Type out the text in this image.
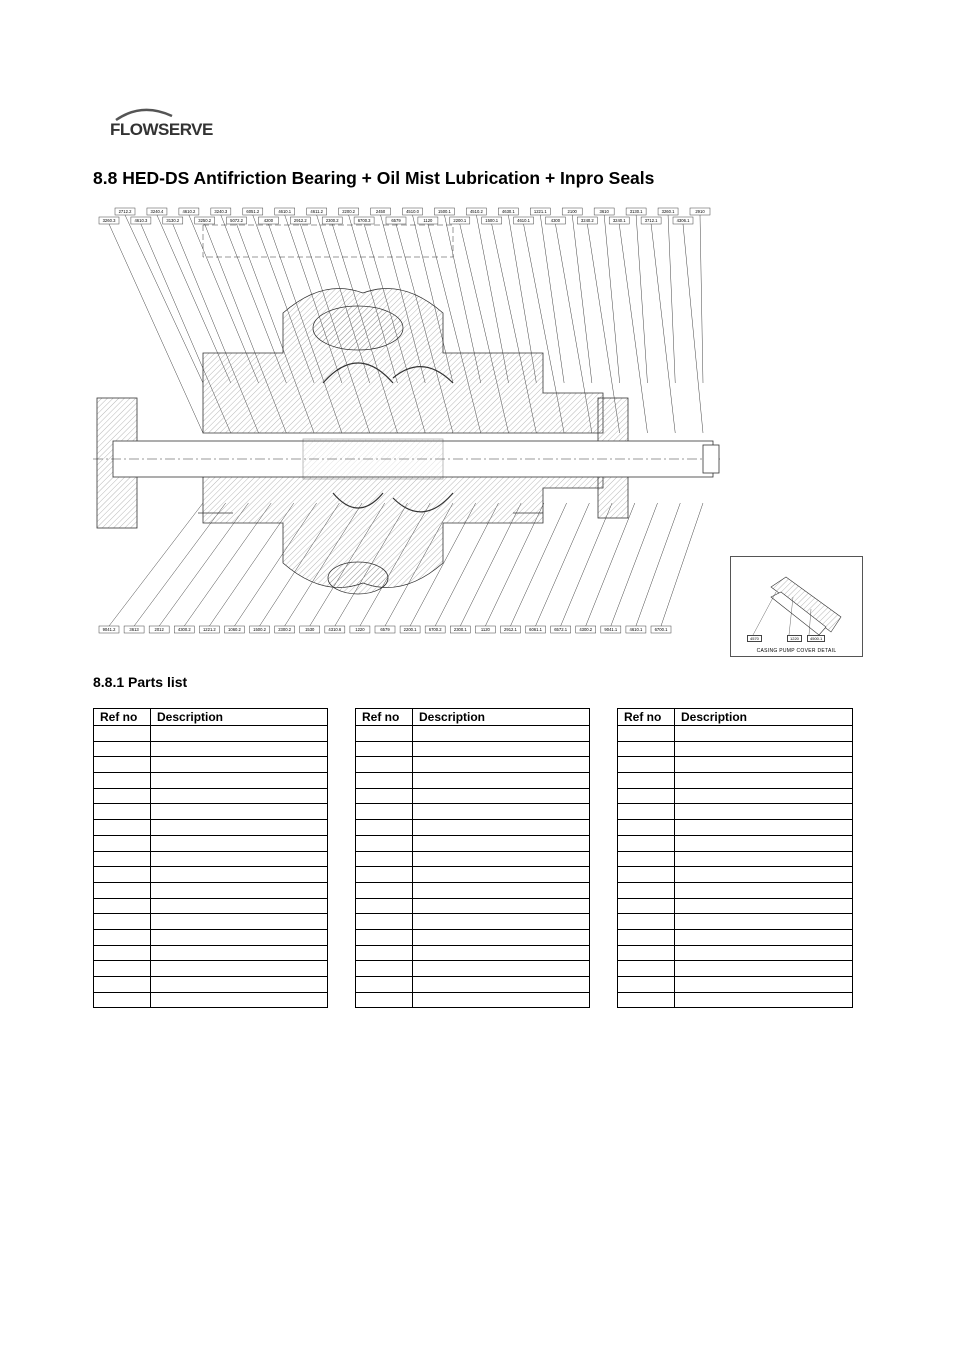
FLOWSERVE
8.8 HED-DS Antifriction Bearing + Oil Mist Lubrication + Inpro Seals
2712.2	3240.4	4610.2	3240.3	6051.2	4610.1	4611.2	2200.2	2450	4510.0	1500.1	4510.2	4630.1	1221.1	2100	3610	3130.1	3260.1	2910
3260.3	4610.3	3130.2	3250.2	5072.2	4200	2912.2	2300.2	6700.3	6579	1120	2200.1	1500.1	4610.1	4300	3240.2	3240.1	3712.1	4306.1
9041.2	3613	2012	4300.2	1221.2	1060.2	1500.2	2300.2	1530	4310.6	1220	6579	2200.1	6700.2	2300.1	1120	2912.1	6061.1	6572.1	4300.2	9041.1	4610.1	6700.1
4570	1220	4500.1
CASING PUMP COVER DETAIL
8.8.1 Parts list
Ref no	Description

		Ref no	Description

		Ref no	Description
